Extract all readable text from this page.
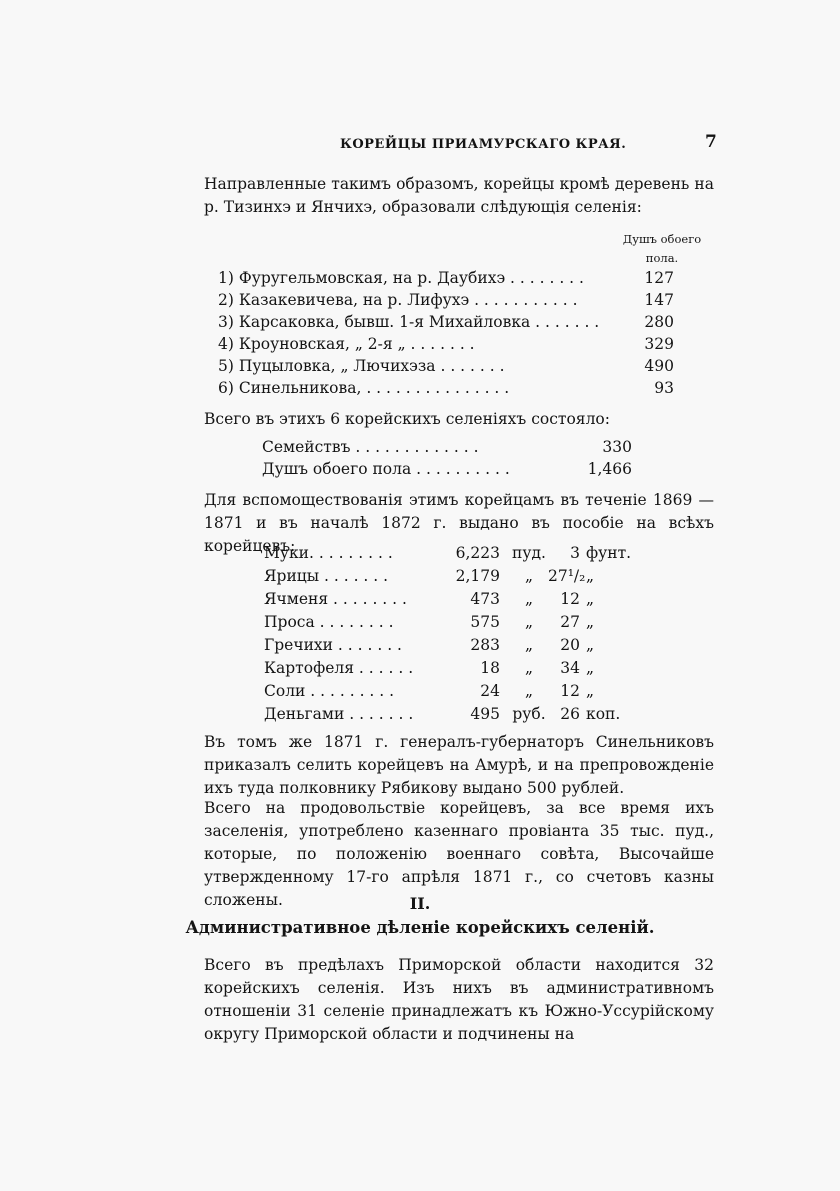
КОРЕЙЦЫ ПРИАМУРСКАГО КРАЯ.	7
Направленные такимъ образомъ, корейцы кромѣ деревень на р. Тизинхэ и Янчихэ, образовали слѣдующія селенія:
Душъ обоего пола.
1) Фуругельмовская, на р. Даубихэ . . . . . . . .	127
2) Казакевичева, на р. Лифухэ . . . . . . . . . . .	147
3) Карсаковка, бывш. 1-я Михайловка . . . . . . .	280
4) Кроуновская, „ 2-я „ . . . . . . .	329
5) Пуцыловка, „ Лючихэза . . . . . . .	490
6) Синельникова, . . . . . . . . . . . . . . .	93
Всего въ этихъ 6 корейскихъ селеніяхъ состояло:
Семействъ . . . . . . . . . . . . .	330
Душъ обоего пола . . . . . . . . . .	1,466
Для вспомоществованія этимъ корейцамъ въ теченіе 1869 — 1871 и въ началѣ 1872 г. выдано въ пособіе на всѣхъ корейцевъ:
Муки. . . . . . . . .	6,223 пуд.	3 фунт.
Ярицы . . . . . . .	2,179	„ 27¹/₂ „
Ячменя . . . . . . . .	473	„	12 „
Проса . . . . . . . .	575	„	27 „
Гречихи . . . . . . .	283	„	20 „
Картофеля . . . . . .	18	„	34 „
Соли . . . . . . . . .	24	„	12 „
Деньгами . . . . . . .	495 руб. 26 коп.
Въ томъ же 1871 г. генералъ-губернаторъ Синельниковъ приказалъ селить корейцевъ на Амурѣ, и на препровожденіе ихъ туда полковнику Рябикову выдано 500 рублей.
Всего на продовольствіе корейцевъ, за все время ихъ заселенія, употреблено казеннаго провіанта 35 тыс. пуд., которые, по положенію военнаго совѣта, Высочайше утвержденному 17-го апрѣля 1871 г., со счетовъ казны сложены.	II.
Административное дѣленіе корейскихъ селеній.
Всего въ предѣлахъ Приморской области находится 32 корейскихъ селенія. Изъ нихъ въ административномъ отношеніи 31 селеніе принадлежатъ къ Южно-Уссурійскому округу Приморской области и подчинены на
